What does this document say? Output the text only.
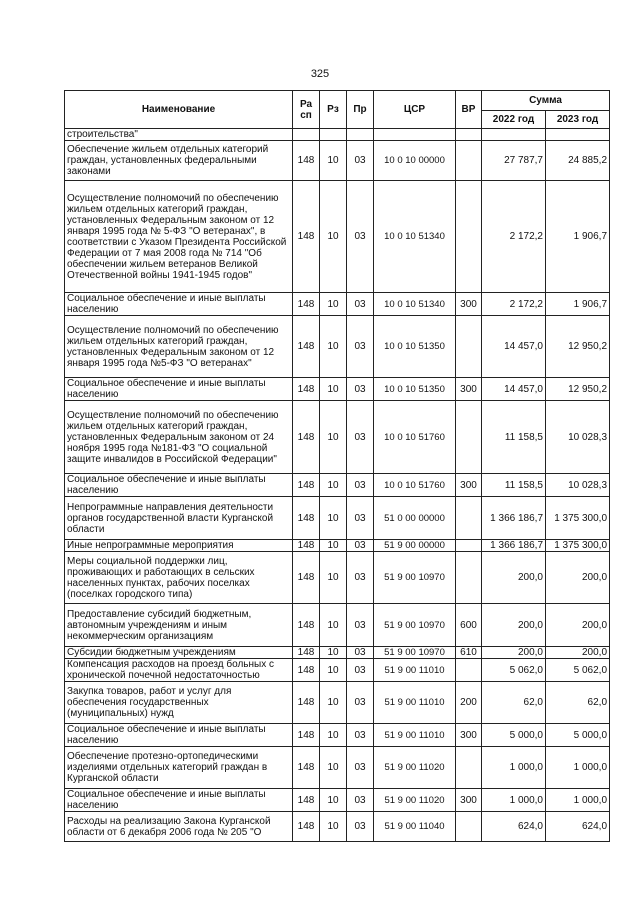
325
Наименование	Ра сп	Рз	Пр	ЦСР	ВР	Сумма	
						2022 год	2023 год
строительства"							
Обеспечение жильем отдельных категорий граждан, установленных федеральными законами	148	10	03	10 0 10 00000		27 787,7	24 885,2
Осуществление полномочий по обеспечению жильем отдельных категорий граждан, установленных Федеральным законом от 12 января 1995 года № 5-ФЗ "О ветеранах", в соответствии с Указом Президента Российской Федерации от 7 мая 2008 года № 714 "Об обеспечении жильем ветеранов Великой Отечественной войны 1941-1945 годов"	148	10	03	10 0 10 51340		2 172,2	1 906,7
Социальное обеспечение и иные выплаты населению	148	10	03	10 0 10 51340	300	2 172,2	1 906,7
Осуществление полномочий по обеспечению жильем отдельных категорий граждан, установленных Федеральным законом от 12 января 1995 года №5-ФЗ "О ветеранах"	148	10	03	10 0 10 51350		14 457,0	12 950,2
Социальное обеспечение и иные выплаты населению	148	10	03	10 0 10 51350	300	14 457,0	12 950,2
Осуществление полномочий по обеспечению жильем отдельных категорий граждан, установленных Федеральным законом от 24 ноября 1995 года №181-ФЗ "О социальной защите инвалидов в Российской Федерации"	148	10	03	10 0 10 51760		11 158,5	10 028,3
Социальное обеспечение и иные выплаты населению	148	10	03	10 0 10 51760	300	11 158,5	10 028,3
Непрограммные направления деятельности органов государственной власти Курганской области	148	10	03	51 0 00 00000		1 366 186,7	1 375 300,0
Иные непрограммные мероприятия	148	10	03	51 9 00 00000		1 366 186,7	1 375 300,0
Меры социальной поддержки лиц, проживающих и работающих в сельских населенных пунктах, рабочих поселках (поселках городского типа)	148	10	03	51 9 00 10970		200,0	200,0
Предоставление субсидий бюджетным, автономным учреждениям и иным некоммерческим организациям	148	10	03	51 9 00 10970	600	200,0	200,0
Субсидии бюджетным учреждениям	148	10	03	51 9 00 10970	610	200,0	200,0
Компенсация расходов на проезд больных с хронической почечной недостаточностью	148	10	03	51 9 00 11010		5 062,0	5 062,0
Закупка товаров, работ и услуг для обеспечения государственных (муниципальных) нужд	148	10	03	51 9 00 11010	200	62,0	62,0
Социальное обеспечение и иные выплаты населению	148	10	03	51 9 00 11010	300	5 000,0	5 000,0
Обеспечение протезно-ортопедическими изделиями отдельных категорий граждан в Курганской области	148	10	03	51 9 00 11020		1 000,0	1 000,0
Социальное обеспечение и иные выплаты населению	148	10	03	51 9 00 11020	300	1 000,0	1 000,0
Расходы на реализацию Закона Курганской области от 6 декабря 2006 года № 205 "О	148	10	03	51 9 00 11040		624,0	624,0
